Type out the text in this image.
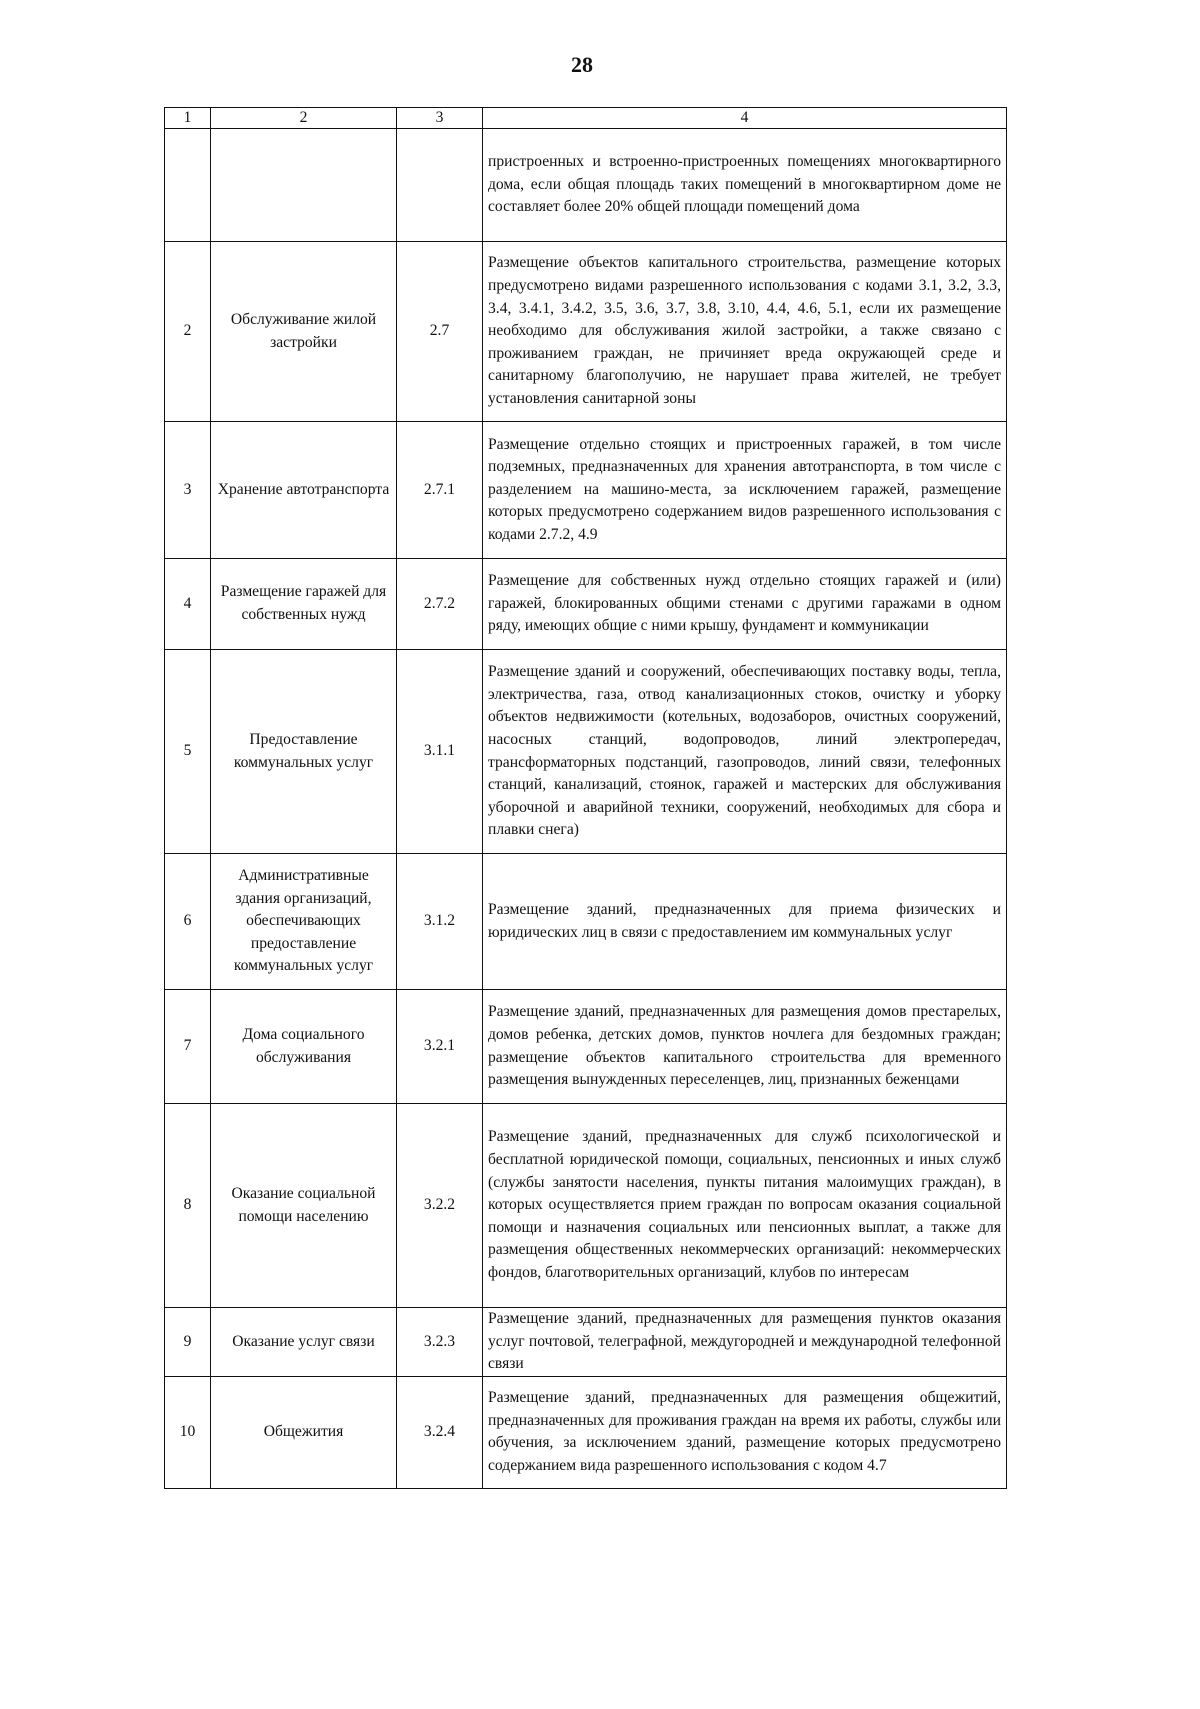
28
1	2	3	4
			пристроенных и встроенно-пристроенных помещениях многоквартирного дома, если общая площадь таких помещений в многоквартирном доме не составляет более 20% общей площади помещений дома
2	Обслуживание жилой застройки	2.7	Размещение объектов капитального строительства, размещение которых предусмотрено видами разрешенного использования с кодами 3.1, 3.2, 3.3, 3.4, 3.4.1, 3.4.2, 3.5, 3.6, 3.7, 3.8, 3.10, 4.4, 4.6, 5.1, если их размещение необходимо для обслуживания жилой застройки, а также связано с проживанием граждан, не причиняет вреда окружающей среде и санитарному благополучию, не нарушает права жителей, не требует установления санитарной зоны
3	Хранение автотранспорта	2.7.1	Размещение отдельно стоящих и пристроенных гаражей, в том числе подземных, предназначенных для хранения автотранспорта, в том числе с разделением на машино-места, за исключением гаражей, размещение которых предусмотрено содержанием видов разрешенного использования с кодами 2.7.2, 4.9
4	Размещение гаражей для собственных нужд	2.7.2	Размещение для собственных нужд отдельно стоящих гаражей и (или) гаражей, блокированных общими стенами с другими гаражами в одном ряду, имеющих общие с ними крышу, фундамент и коммуникации
5	Предоставление коммунальных услуг	3.1.1	Размещение зданий и сооружений, обеспечивающих поставку воды, тепла, электричества, газа, отвод канализационных стоков, очистку и уборку объектов недвижимости (котельных, водозаборов, очистных сооружений, насосных станций, водопроводов, линий электропередач, трансформаторных подстанций, газопроводов, линий связи, телефонных станций, канализаций, стоянок, гаражей и мастерских для обслуживания уборочной и аварийной техники, сооружений, необходимых для сбора и плавки снега)
6	Административные здания организаций, обеспечивающих предоставление коммунальных услуг	3.1.2	Размещение зданий, предназначенных для приема физических и юридических лиц в связи с предоставлением им коммунальных услуг
7	Дома социального обслуживания	3.2.1	Размещение зданий, предназначенных для размещения домов престарелых, домов ребенка, детских домов, пунктов ночлега для бездомных граждан; размещение объектов капитального строительства для временного размещения вынужденных переселенцев, лиц, признанных беженцами
8	Оказание социальной помощи населению	3.2.2	Размещение зданий, предназначенных для служб психологической и бесплатной юридической помощи, социальных, пенсионных и иных служб (службы занятости населения, пункты питания малоимущих граждан), в которых осуществляется прием граждан по вопросам оказания социальной помощи и назначения социальных или пенсионных выплат, а также для размещения общественных некоммерческих организаций: некоммерческих фондов, благотворительных организаций, клубов по интересам
9	Оказание услуг связи	3.2.3	Размещение зданий, предназначенных для размещения пунктов оказания услуг почтовой, телеграфной, междугородней и международной телефонной связи
10	Общежития	3.2.4	Размещение зданий, предназначенных для размещения общежитий, предназначенных для проживания граждан на время их работы, службы или обучения, за исключением зданий, размещение которых предусмотрено содержанием вида разрешенного использования с кодом 4.7
